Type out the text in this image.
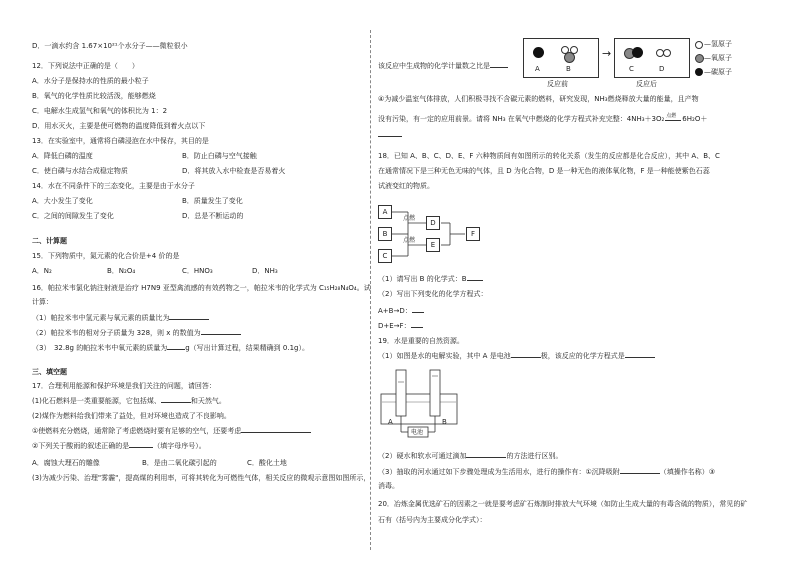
D．一滴水约含 1.67×10²¹个水分子——微粒很小
12．下列说法中正确的是（　　）
A．水分子是保持水的性质的最小粒子
B．氧气的化学性质比较活泼，能够燃烧
C．电解水生成氢气和氧气的体积比为 1：2
D．用水灭火，主要是使可燃物的温度降低到着火点以下
13．在实验室中，通常将白磷浸泡在水中保存，其目的是
A．降低白磷的温度	B．防止白磷与空气接触
C．使白磷与水结合成稳定物质	D．将其放入水中检查是否易着火
14．水在不同条件下的三态变化，主要是由于水分子
A．大小发生了变化	B．质量发生了变化
C．之间的间隙发生了变化	D．总是不断运动的
二、计算题
15．下列物质中，氮元素的化合价是+4 价的是
A．N₂	B．N₂O₄	C．HNO₃	D．NH₃
16．帕拉米韦氯化钠注射液是治疗 H7N9 亚型禽流感的有效药物之一，帕拉米韦的化学式为 C₁₅H₂₈N₄O₄。试
计算：
（1）帕拉米韦中氢元素与氧元素的质量比为
（2）帕拉米韦的相对分子质量为 328，则 x 的数值为
（3）　32.8g 的帕拉米韦中氧元素的质量为	g（写出计算过程，结果精确到 0.1g）。
三、填空题
17．合理利用能源和保护环境是我们关注的问题，请回答：
(1)化石燃料是一类重要能源，它包括煤、	和天然气。
(2)煤作为燃料给我们带来了益处，但对环境也造成了不良影响。
①使燃料充分燃烧，通常除了考虑燃烧时要有足够的空气，还要考虑
②下列关于酸雨的叙述正确的是	（填字母序号）。
A．腐蚀大理石的雕像	B．是由二氧化碳引起的	C．酸化土地
(3)为减少污染、治理"雾霾"，提高煤的利用率，可将其转化为可燃性气体，相关反应的微观示意图如图所示，
该反应中生成物的化学计量数之比是	A	B
反应前
→
C	D
反应后
—氢原子
—氧原子
—碳原子
④为减少温室气体排放，人们积极寻找不含碳元素的燃料，研究发现，NH₃燃烧释放大量的能量，且产物
没有污染，有一定的应用前景。请将 NH₃ 在氧气中燃烧的化学方程式补充完整：4NH₃＋3O₂ 点燃 6H₂O＋
18．已知 A、B、C、D、E、F 六种物质间有如图所示的转化关系（发生的反应都是化合反应），其中 A、B、C
在通常情况下是三种无色无味的气体，且 D 为化合物，D 是一种无色的液体氧化物，F 是一种能使紫色石蕊
试液变红的物质。
A
B
C
点燃
点燃
D
E
F
（1）请写出 B 的化学式：B
（2）写出下列变化的化学方程式：
A+B→D：
D+E→F：
19．水是重要的自然资源。
（1）如图是水的电解实验，其中 A 是电池	极，该反应的化学方程式是
电池
A	B
（2）硬水和软水可通过滴加	的方法进行区别。
（3）抽取的河水通过如下步骤处理成为生活用水，进行的操作有：①沉降吸附	（填操作名称）③
消毒。
20．冶炼金属优选矿石的因素之一就是要考虑矿石炼制时排放大气环境（如防止生成大量的有毒含硫的物质），常见的矿
石有（括号内为主要成分化学式）：
